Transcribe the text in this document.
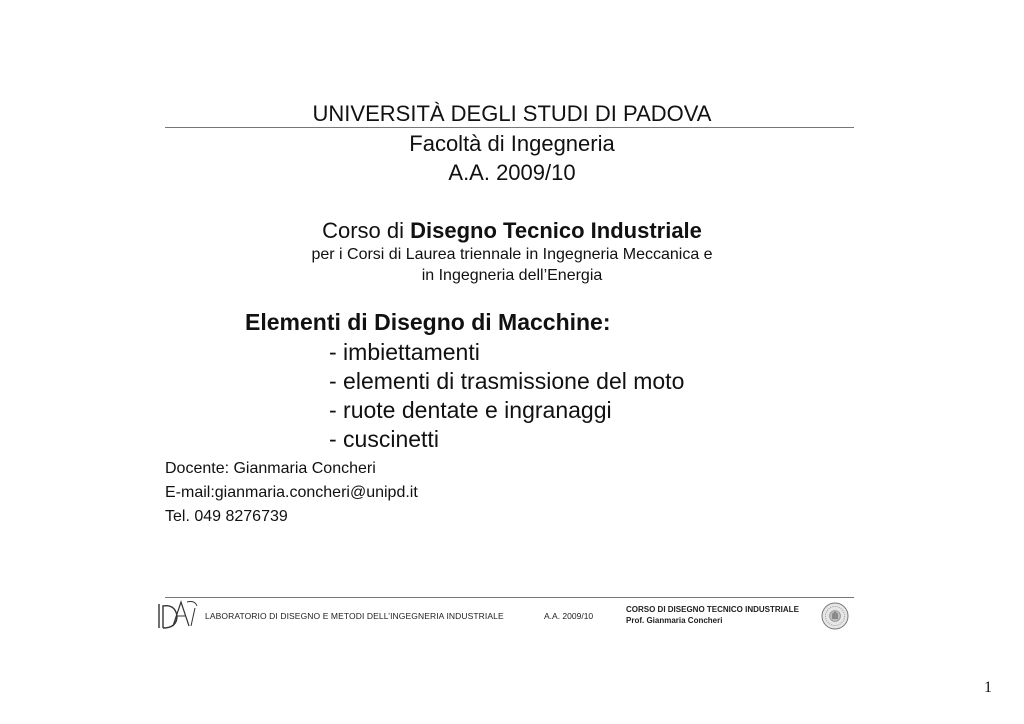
UNIVERSITÀ DEGLI STUDI DI PADOVA
Facoltà di Ingegneria
A.A. 2009/10
Corso di Disegno Tecnico Industriale
per i Corsi di Laurea triennale in Ingegneria Meccanica e
in Ingegneria dell’Energia
Elementi di Disegno di Macchine:
- imbiettamenti
- elementi di trasmissione del moto
- ruote dentate e ingranaggi
- cuscinetti
Docente: Gianmaria Concheri
E-mail:gianmaria.concheri@unipd.it
Tel. 049 8276739
LABORATORIO DI DISEGNO E METODI DELL’INGEGNERIA INDUSTRIALE	A.A. 2009/10
CORSO DI DISEGNO TECNICO INDUSTRIALE
Prof. Gianmaria Concheri
1
